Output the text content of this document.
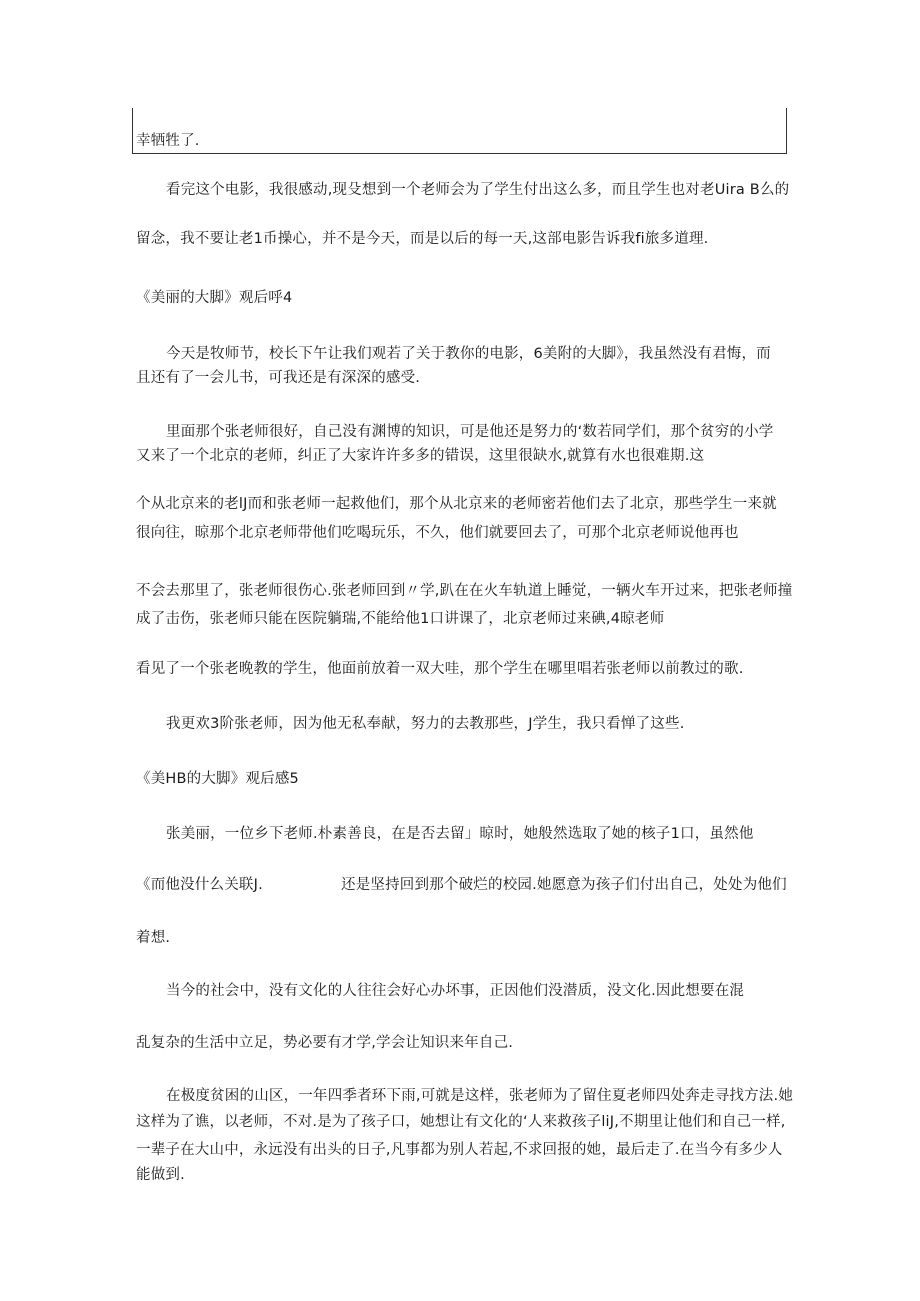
幸牺牲了.
看完这个电影，我很感动,现殳想到一个老师会为了学生付出这么多，而且学生也对老Uira B么的
留念，我不要让老1币操心，并不是今天，而是以后的每一天,这部电影告诉我fi旅多道理.
《美丽的大脚》观后呼4
今天是牧师节，校长下午让我们观若了关于教你的电影，6美附的大脚》，我虽然没有君悔，而
且还有了一会儿书，可我还是有深深的感受.
里面那个张老师很好，自己没有渊博的知识，可是他还是努力的‘数若同学们，那个贫穷的小学
又来了一个北京的老师，纠正了大家许许多多的错误，这里很缺水,就算有水也很难期.这
个从北京来的老lJ而和张老师一起救他们，那个从北京来的老师密若他们去了北京，那些学生一来就
很向往，晾那个北京老师带他们吃喝玩乐，不久，他们就要回去了，可那个北京老师说他再也
不会去那里了，张老师很伤心.张老师回到〃学,趴在在火车轨道上睡觉，一辆火车开过来，把张老师撞
成了击伤，张老师只能在医院躺瑞,不能给他1口讲课了，北京老师过来碘,4晾老师
看见了一个张老晚教的学生，他面前放着一双大哇，那个学生在哪里唱若张老师以前教过的歌.
我更欢3阶张老师，因为他无私奉献，努力的去教那些，J学生，我只看惮了这些.
《美HB的大脚》观后感5
张美丽，一位乡下老师.朴素善良，在是否去留」晾时，她般然选取了她的核子1口，虽然他
《而他没什么关联J.	还是坚持回到那个破烂的校园.她愿意为孩子们付出自己，处处为他们
着想.
当今的社会中，没有文化的人往往会好心办坏事，正因他们没潜质，没文化.因此想要在混
乱复杂的生活中立足，势必要有才学,学会让知识来年自己.
在极度贫困的山区，一年四季者环下雨,可就是这样，张老师为了留住夏老师四处奔走寻找方法.她
这样为了谯，以老师，不对.是为了孩子口，她想让有文化的‘人来救孩子liJ,不期里让他们和自己一样,
一辈子在大山中，永远没有出头的日子,凡事都为别人若起,不求回报的她，最后走了.在当今有多少人
能做到.
